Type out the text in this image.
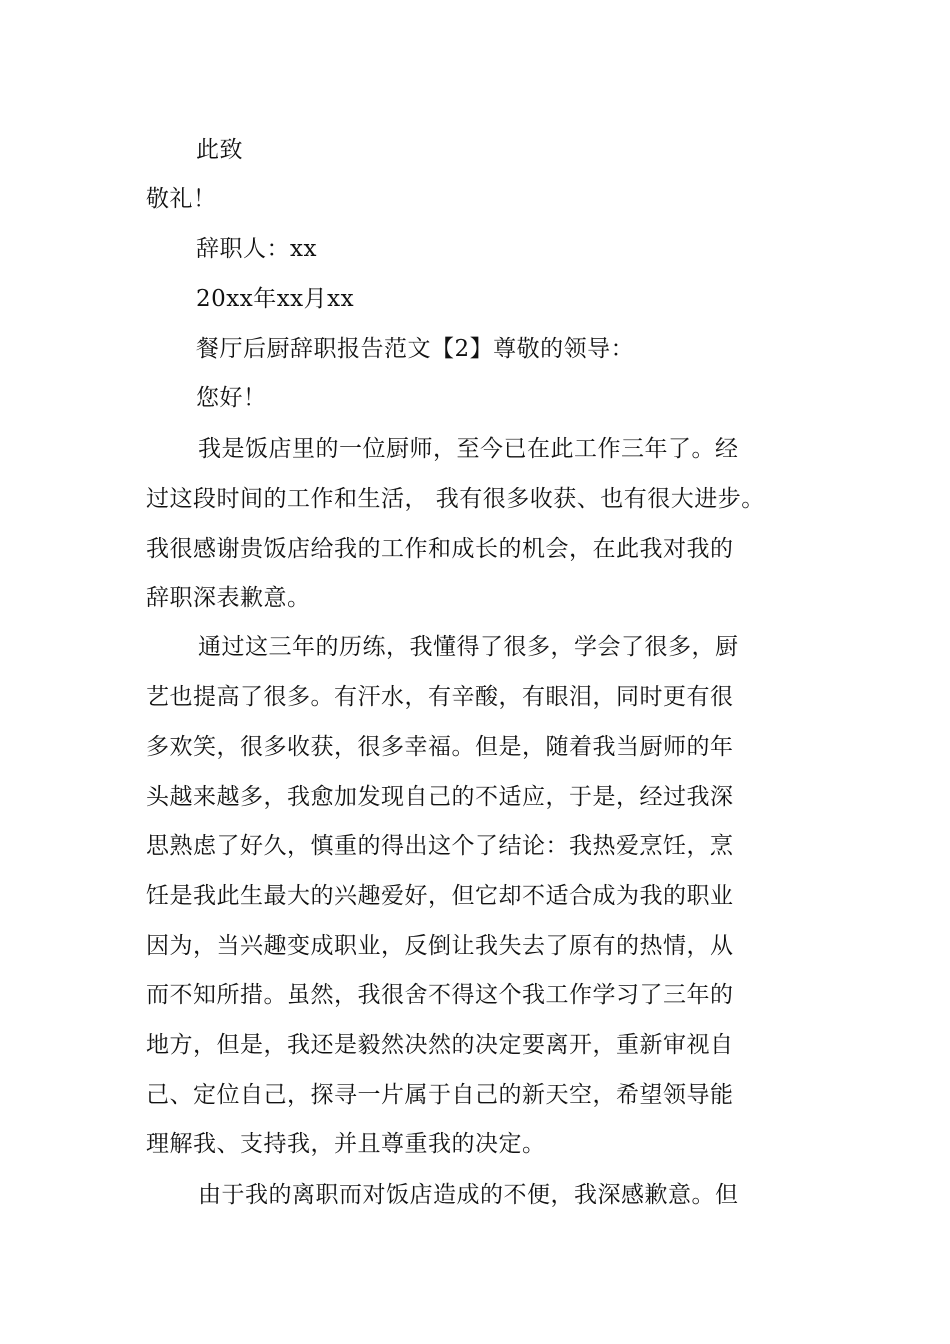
此致
敬礼！
辞职人：xx
20xx年xx月xx
餐厅后厨辞职报告范文【2】尊敬的领导：
您好！
我是饭店里的一位厨师，至今已在此工作三年了。经
过这段时间的工作和生活， 我有很多收获、也有很大进步。
我很感谢贵饭店给我的工作和成长的机会，在此我对我的
辞职深表歉意。
通过这三年的历练，我懂得了很多，学会了很多，厨
艺也提高了很多。有汗水，有辛酸，有眼泪，同时更有很
多欢笑，很多收获，很多幸福。但是，随着我当厨师的年
头越来越多，我愈加发现自己的不适应，于是，经过我深
思熟虑了好久，慎重的得出这个了结论：我热爱烹饪，烹
饪是我此生最大的兴趣爱好，但它却不适合成为我的职业
因为，当兴趣变成职业，反倒让我失去了原有的热情，从
而不知所措。虽然，我很舍不得这个我工作学习了三年的
地方，但是，我还是毅然决然的决定要离开，重新审视自
己、定位自己，探寻一片属于自己的新天空，希望领导能
理解我、支持我，并且尊重我的决定。
由于我的离职而对饭店造成的不便，我深感歉意。但
